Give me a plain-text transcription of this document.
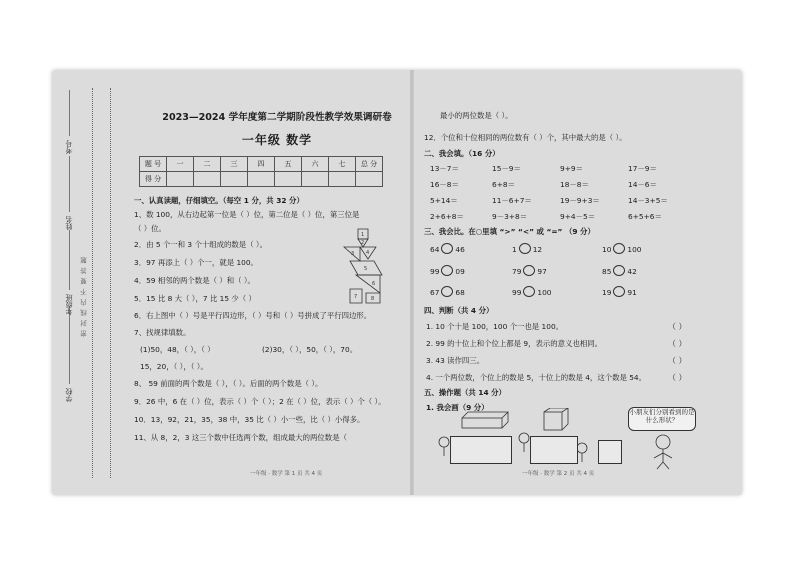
学校
年级班
姓名
考号
密 封 线 内 不 要 答 题
2023—2024 学年度第二学期阶段性教学效果调研卷
一年级 数学
题 号	一	二	三	四	五	六	七	总 分
得 分								
一、认真读题，仔细填空。（每空 1 分，共 32 分）
1、数 100，从右边起第一位是（ ）位，第二位是（ ）位，第三位是
（ ）位。
2．由 5 个一和 3 个十组成的数是（ ）。
3．97 再添上（ ）个一，就是 100。
4．59 相邻的两个数是（ ）和（ ）。
5．15 比 8 大（ ），7 比 15 少（ ）
6．右上图中（ ）号是平行四边形，（ ）号和（ ）号拼成了平行四边形。
7、找规律填数。
(1)50，48，（ ），（ ）	(2)30，（ ），50，（ ），70。
15，20，（ ），（ ）。
8、 59 前面的两个数是（ ），（ ）。后面的两个数是（ ）。
9．26 中，6 在（ ）位，表示（ ）个（ ）；2 在（ ）位，表示（ ）个（ ）。
10．13，92，21，35，38 中，35 比（ ）小一些，比（ ）小得多。
11、从 8，2，3 这三个数中任选两个数，组成最大的两位数是（
1
2
3 4
5
6
7	8
最小的两位数是（ ）。
12．个位和十位相同的两位数有（ ）个，其中最大的是（ ）。
二、我会填。（16 分）
13－7＝	15－9＝	9+9＝	17－9＝
16－8＝	6+8＝	18－8＝	14－6＝
5+14＝	11－6+7＝	19－9+3＝	14－3+5＝
2+6+8＝	9－3+8＝	9+4－5＝	6+5+6＝
三、我会比。在○里填 “>” “<” 或 “=” （9 分）
64 46	1 12	10 100
99 09	79 97	85 42
67 68	99 100	19 91
四、判断（共 4 分）
1. 10 个十是 100，100 个一也是 100。	（ ）
2. 99 的十位上和个位上都是 9，表示的意义也相同。	（ ）
3. 43 读作四三。	（ ）
4. 一个两位数，个位上的数是 5，十位上的数是 4，这个数是 54。	（ ）
五、操作题（共 14 分）
1. 我会画（9 分）	小朋友们分别看到的是什么形状？
一年级 · 数学 第 1 页 共 4 页	一年级 · 数学 第 2 页 共 4 页
